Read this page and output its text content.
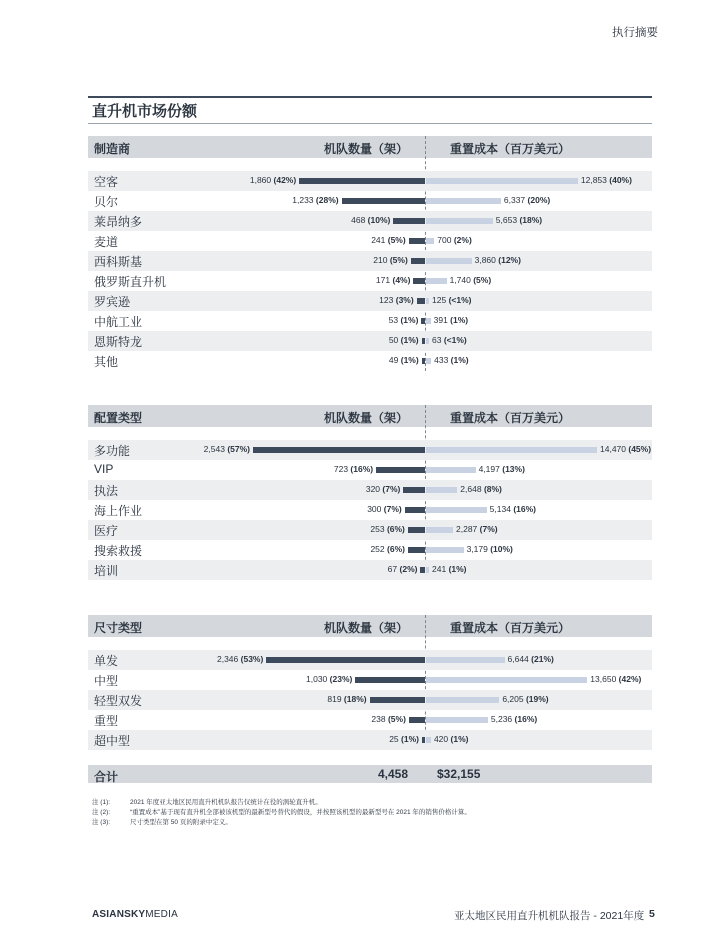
执行摘要
直升机市场份额
制造商	机队数量（架）	重置成本（百万美元）
空客	1,860 (42%)	12,853 (40%)
贝尔	1,233 (28%)	6,337 (20%)
莱昂纳多	468 (10%)	5,653 (18%)
麦道	241 (5%)	700 (2%)
西科斯基	210 (5%)	3,860 (12%)
俄罗斯直升机	171 (4%)	1,740 (5%)
罗宾逊	123 (3%) 125 (<1%)
中航工业	53 (1%) 391 (1%)
恩斯特龙	50 (1%) 63 (<1%)
其他	49 (1%) 433 (1%)
配置类型	机队数量（架）	重置成本（百万美元）
多功能	2,543 (57%)	14,470 (45%)
VIP	723 (16%)	4,197 (13%)
执法	320 (7%)	2,648 (8%)
海上作业	300 (7%)	5,134 (16%)
医疗	253 (6%)	2,287 (7%)
搜索救援	252 (6%)	3,179 (10%)
培训	67 (2%) 241 (1%)
尺寸类型	机队数量（架）	重置成本（百万美元）
单发	2,346 (53%)	6,644 (21%)
中型	1,030 (23%)	13,650 (42%)
轻型双发	819 (18%)	6,205 (19%)
重型	238 (5%)	5,236 (16%)
超中型	25 (1%) 420 (1%)
合计	4,458 $32,155
注 (1):	2021 年度亚太地区民用直升机机队报告仅统计在役的涡轮直升机。
注 (2):	“重置成本”基于现有直升机全部被该机型的最新型号替代的假设，并按照该机型的最新型号在 2021 年的销售价格计算。
注 (3):	尺寸类型在第 50 页的附录中定义。
ASIANSKYMEDIA	亚太地区民用直升机机队报告 - 2021年度 5
